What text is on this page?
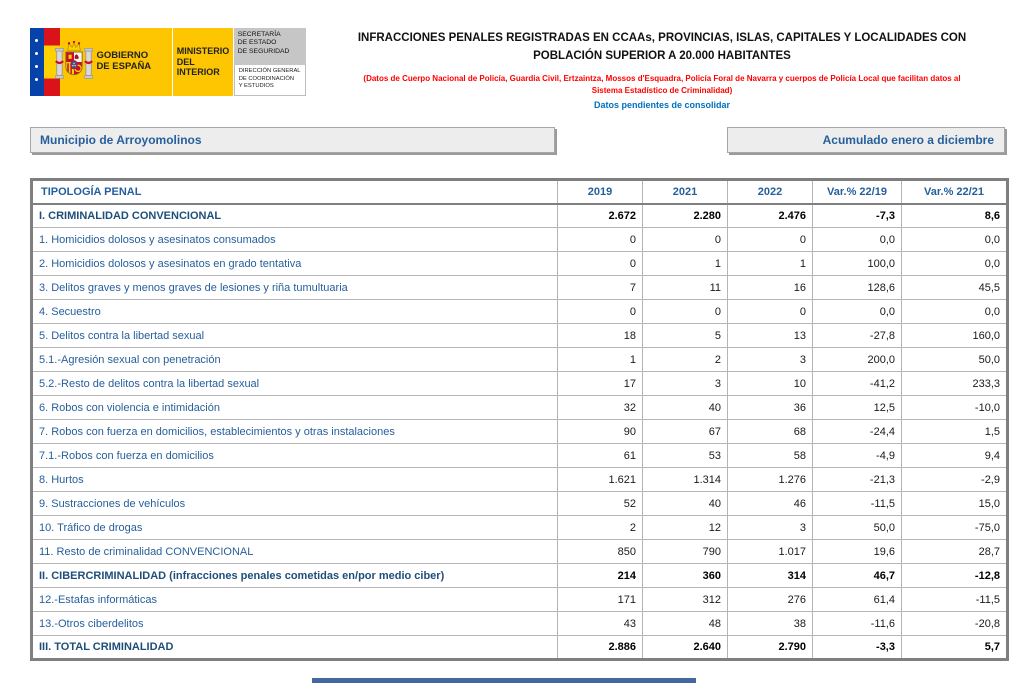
GOBIERNO
DE ESPAÑA
MINISTERIO
DEL INTERIOR
SECRETARÍA
DE ESTADO
DE SEGURIDAD
DIRECCIÓN GENERAL
DE COORDINACIÓN
Y ESTUDIOS
INFRACCIONES PENALES REGISTRADAS EN CCAAs, PROVINCIAS, ISLAS, CAPITALES Y LOCALIDADES CON POBLACIÓN SUPERIOR A 20.000 HABITANTES
(Datos de Cuerpo Nacional de Policía, Guardia Civil, Ertzaintza, Mossos d'Esquadra, Policía Foral de Navarra y cuerpos de Policía Local que facilitan datos al Sistema Estadístico de Criminalidad)
Datos pendientes de consolidar
Municipio de Arroyomolinos	Acumulado enero a diciembre
TIPOLOGÍA PENAL	2019	2021	2022	Var.% 22/19	Var.% 22/21
I. CRIMINALIDAD CONVENCIONAL	2.672	2.280	2.476	-7,3	8,6
1. Homicidios dolosos y asesinatos consumados	0	0	0	0,0	0,0
2. Homicidios dolosos y asesinatos en grado tentativa	0	1	1	100,0	0,0
3. Delitos graves y menos graves de lesiones y riña tumultuaria	7	11	16	128,6	45,5
4. Secuestro	0	0	0	0,0	0,0
5. Delitos contra la libertad sexual	18	5	13	-27,8	160,0
5.1.-Agresión sexual con penetración	1	2	3	200,0	50,0
5.2.-Resto de delitos contra la libertad sexual	17	3	10	-41,2	233,3
6. Robos con violencia e intimidación	32	40	36	12,5	-10,0
7. Robos con fuerza en domicilios, establecimientos y otras instalaciones	90	67	68	-24,4	1,5
7.1.-Robos con fuerza en domicilios	61	53	58	-4,9	9,4
8. Hurtos	1.621	1.314	1.276	-21,3	-2,9
9. Sustracciones de vehículos	52	40	46	-11,5	15,0
10. Tráfico de drogas	2	12	3	50,0	-75,0
11. Resto de criminalidad CONVENCIONAL	850	790	1.017	19,6	28,7
II. CIBERCRIMINALIDAD (infracciones penales cometidas en/por medio ciber)	214	360	314	46,7	-12,8
12.-Estafas informáticas	171	312	276	61,4	-11,5
13.-Otros ciberdelitos	43	48	38	-11,6	-20,8
III. TOTAL CRIMINALIDAD	2.886	2.640	2.790	-3,3	5,7
